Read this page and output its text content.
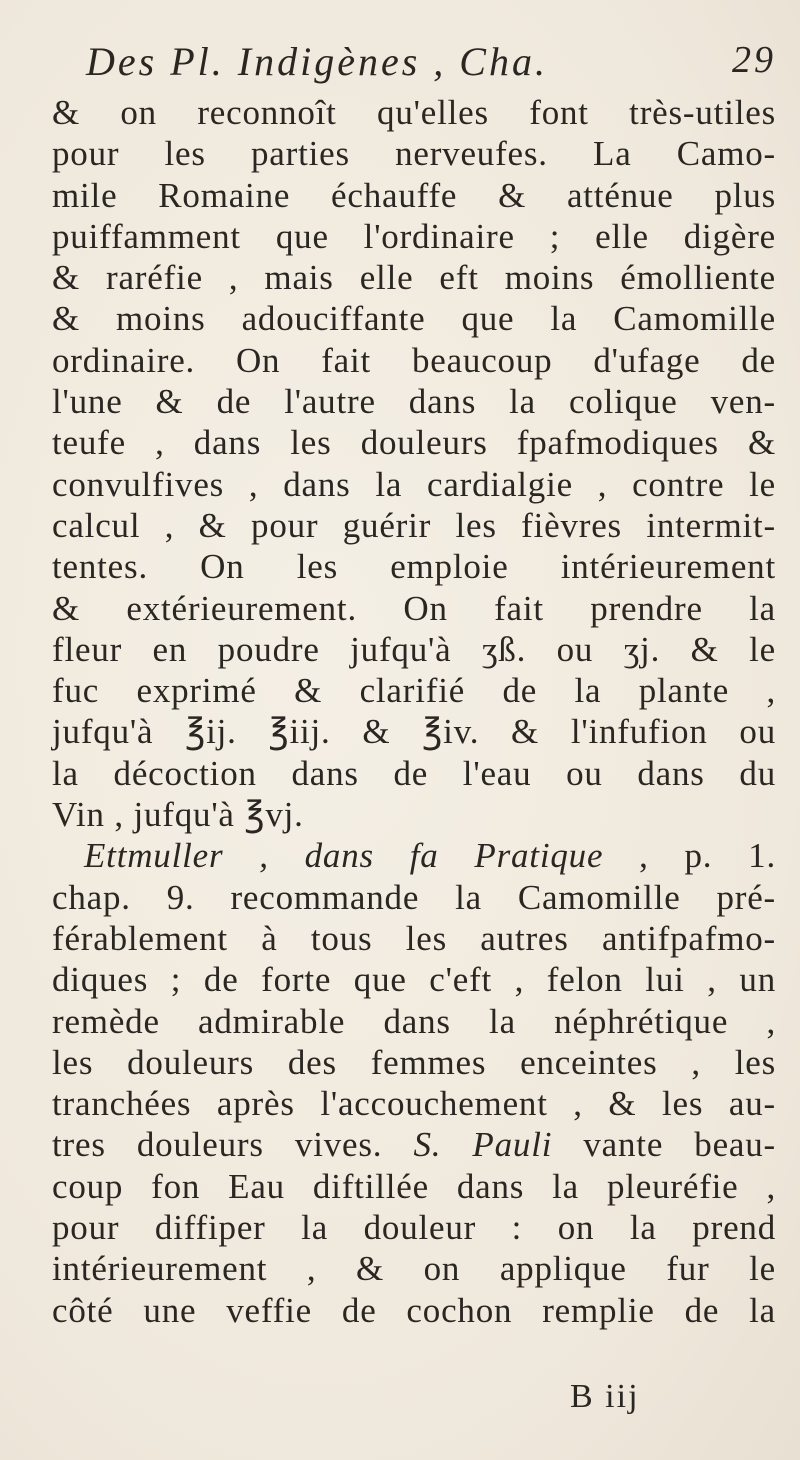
Des Pl. Indigènes , Cha.	29
& on reconnoît qu'elles font très-utiles
pour les parties nerveufes. La Camo-
mile Romaine échauffe & atténue plus
puiffamment que l'ordinaire ; elle digère
& raréfie , mais elle eft moins émolliente
& moins adouciffante que la Camomille
ordinaire. On fait beaucoup d'ufage de
l'une & de l'autre dans la colique ven-
teufe , dans les douleurs fpafmodiques &
convulfives , dans la cardialgie , contre le
calcul , & pour guérir les fièvres intermit-
tentes. On les emploie intérieurement
& extérieurement. On fait prendre la
fleur en poudre jufqu'à ʒß. ou ʒj. & le
fuc exprimé & clarifié de la plante ,
jufqu'à ℥ij. ℥iij. & ℥iv. & l'infufion ou
la décoction dans de l'eau ou dans du
Vin , jufqu'à ℥vj.
Ettmuller , dans fa Pratique , p. 1.
chap. 9. recommande la Camomille pré-
férablement à tous les autres antifpafmo-
diques ; de forte que c'eft , felon lui , un
remède admirable dans la néphrétique ,
les douleurs des femmes enceintes , les
tranchées après l'accouchement , & les au-
tres douleurs vives. S. Pauli vante beau-
coup fon Eau diftillée dans la pleuréfie ,
pour diffiper la douleur : on la prend
intérieurement , & on applique fur le
côté une veffie de cochon remplie de la
B iij
